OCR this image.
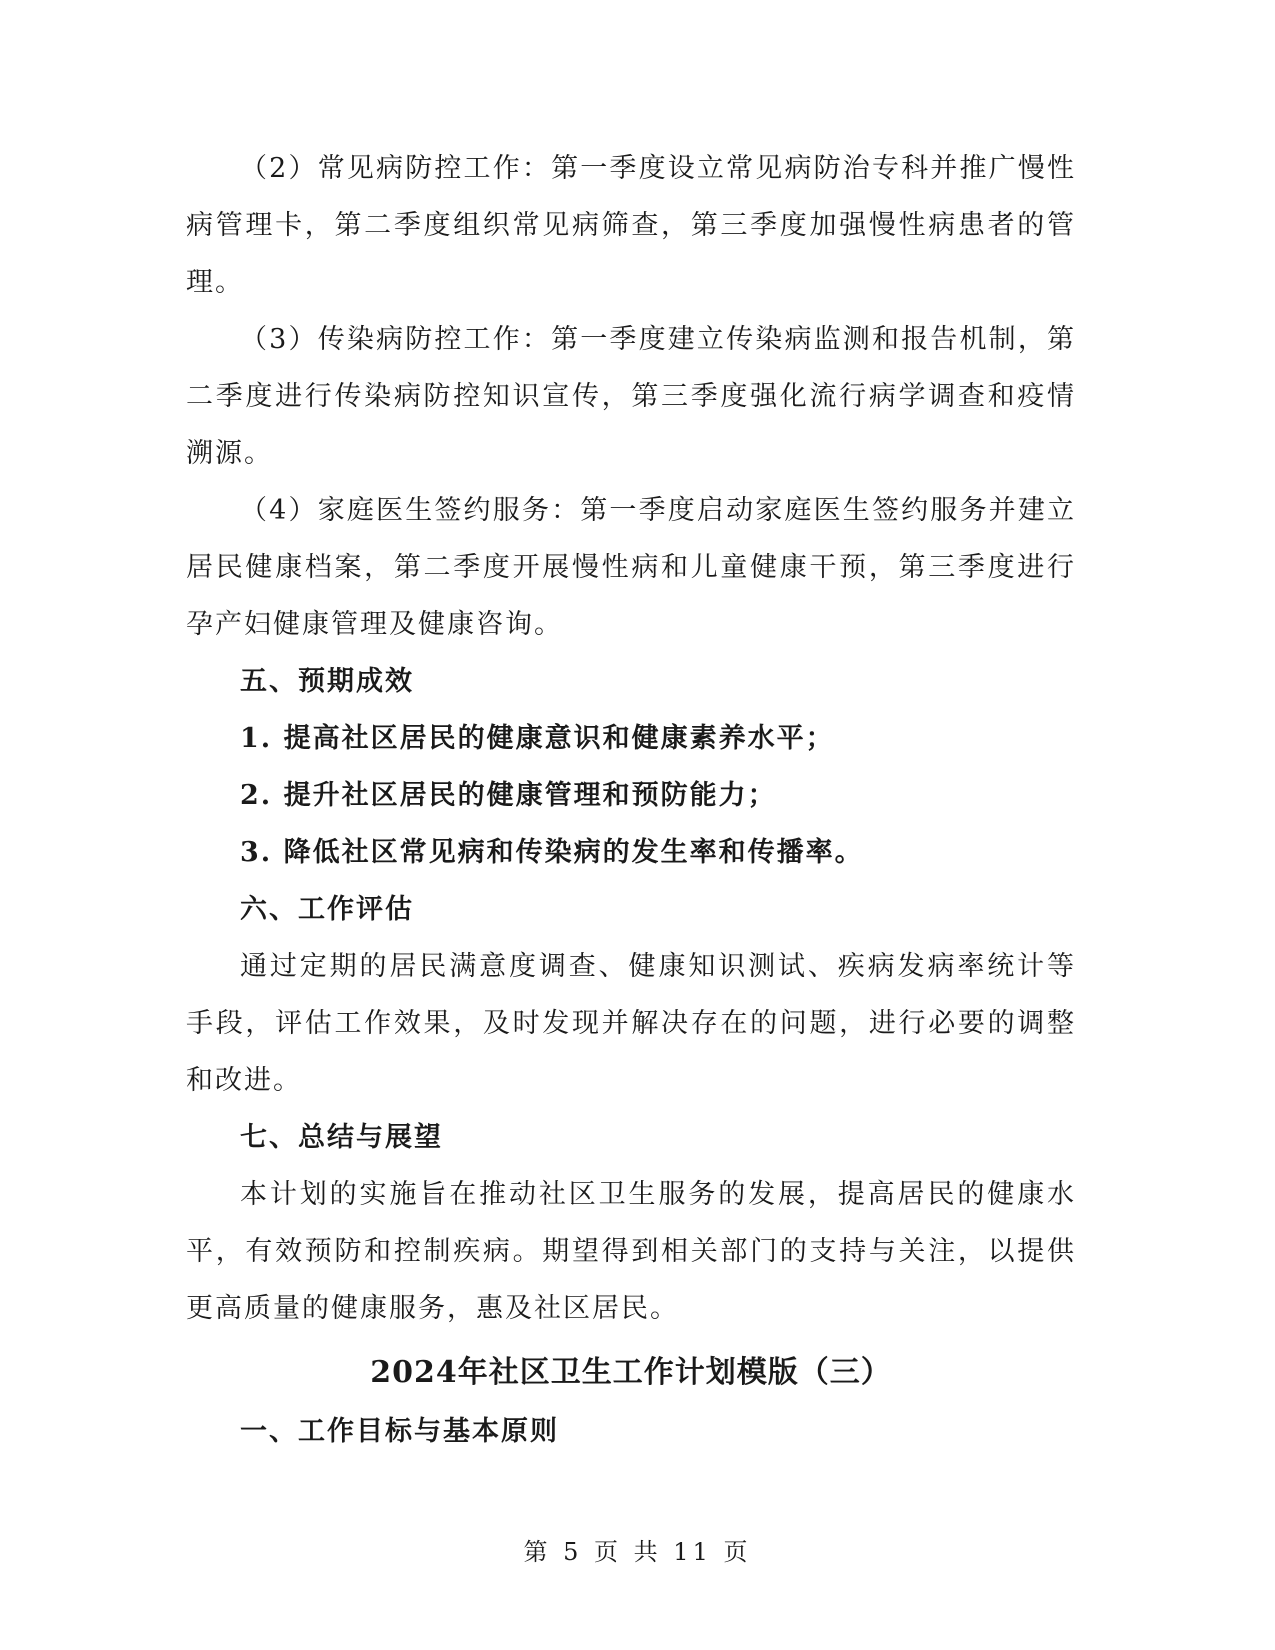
（2）常见病防控工作：第一季度设立常见病防治专科并推广慢性病管理卡，第二季度组织常见病筛查，第三季度加强慢性病患者的管理。

（3）传染病防控工作：第一季度建立传染病监测和报告机制，第二季度进行传染病防控知识宣传，第三季度强化流行病学调查和疫情溯源。

（4）家庭医生签约服务：第一季度启动家庭医生签约服务并建立居民健康档案，第二季度开展慢性病和儿童健康干预，第三季度进行孕产妇健康管理及健康咨询。

五、预期成效

1. 提高社区居民的健康意识和健康素养水平；

2. 提升社区居民的健康管理和预防能力；

3. 降低社区常见病和传染病的发生率和传播率。

六、工作评估

通过定期的居民满意度调查、健康知识测试、疾病发病率统计等手段，评估工作效果，及时发现并解决存在的问题，进行必要的调整和改进。

七、总结与展望

本计划的实施旨在推动社区卫生服务的发展，提高居民的健康水平，有效预防和控制疾病。期望得到相关部门的支持与关注，以提供更高质量的健康服务，惠及社区居民。

2024年社区卫生工作计划模版（三）

一、工作目标与基本原则

第 5 页 共 11 页
